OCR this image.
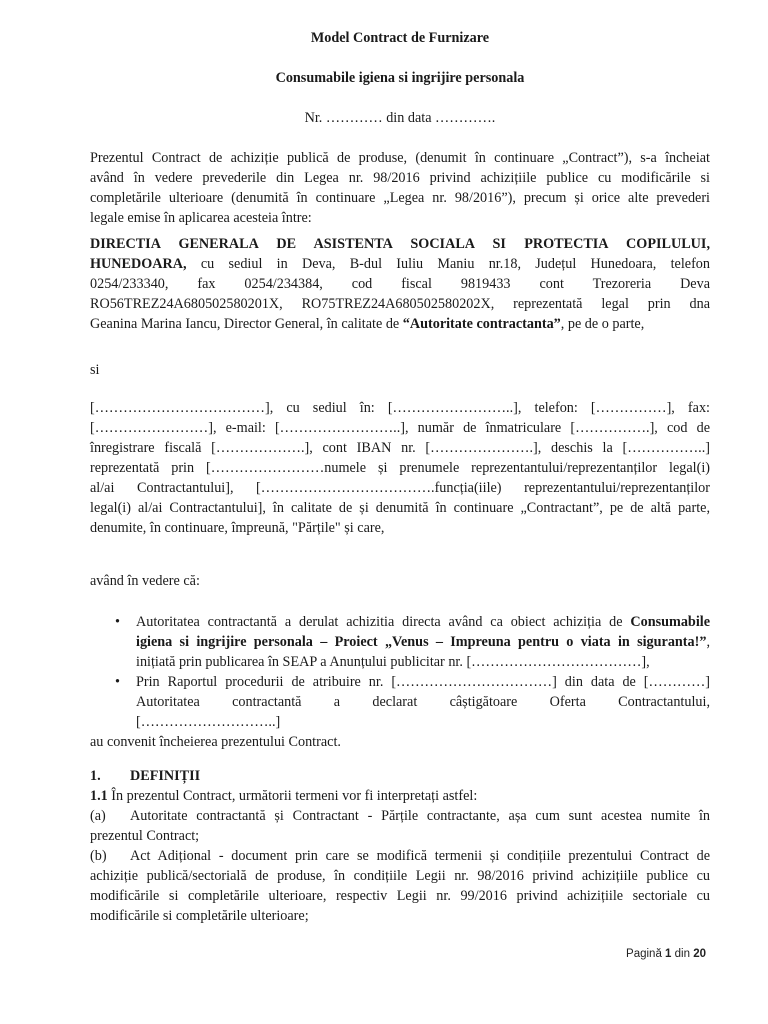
Model Contract de Furnizare
Consumabile igiena si ingrijire personala
Nr. ………… din data ………….
Prezentul Contract de achiziție publică de produse, (denumit în continuare „Contract”), s-a încheiat
având în vedere prevederile din Legea nr. 98/2016 privind achizițiile publice cu modificările si
completările ulterioare (denumită în continuare „Legea nr. 98/2016”), precum și orice alte prevederi
legale emise în aplicarea acesteia între:
DIRECTIA GENERALA DE ASISTENTA SOCIALA SI PROTECTIA COPILULUI,
HUNEDOARA, cu sediul in Deva, B-dul Iuliu Maniu nr.18, Județul Hunedoara, telefon
0254/233340, fax 0254/234384, cod fiscal 9819433 cont Trezoreria Deva
RO56TREZ24A680502580201X, RO75TREZ24A680502580202X, reprezentată legal prin dna
Geanina Marina Iancu, Director General, în calitate de “Autoritate contractanta”, pe de o parte,
si
[………………………………], cu sediul în: [……………………..], telefon: [……………], fax:
[……………………], e-mail: [……………………..], număr de înmatriculare […………….], cod de
înregistrare fiscală [……………….], cont IBAN nr. [………………….], deschis la [……………..]
reprezentată prin [……………………numele și prenumele reprezentantului/reprezentanților legal(i)
al/ai Contractantului], [……………………………….funcția(iile) reprezentantului/reprezentanților
legal(i) al/ai Contractantului], în calitate de și denumită în continuare „Contractant”, pe de altă parte,
denumite, în continuare, împreună, "Părțile" și care,
având în vedere că:
• Autoritatea contractantă a derulat achizitia directa având ca obiect achiziția de Consumabile
igiena si ingrijire personala – Proiect „Venus – Impreuna pentru o viata in siguranta!”,
inițiată prin publicarea în SEAP a Anunțului publicitar nr. [………………………………],
• Prin Raportul procedurii de atribuire nr. [……………………………] din data de […………]
Autoritatea contractantă a declarat câștigătoare Oferta Contractantului,
[………………………..]
au convenit încheierea prezentului Contract.
1. DEFINIȚII
1.1 În prezentul Contract, următorii termeni vor fi interpretați astfel:
(a) Autoritate contractantă și Contractant - Părțile contractante, așa cum sunt acestea numite în
prezentul Contract;
(b) Act Adițional - document prin care se modifică termenii și condițiile prezentului Contract de
achiziție publică/sectorială de produse, în condițiile Legii nr. 98/2016 privind achizițiile publice cu
modificările si completările ulterioare, respectiv Legii nr. 99/2016 privind achizițiile sectoriale cu
modificările si completările ulterioare;
Pagină 1 din 20
